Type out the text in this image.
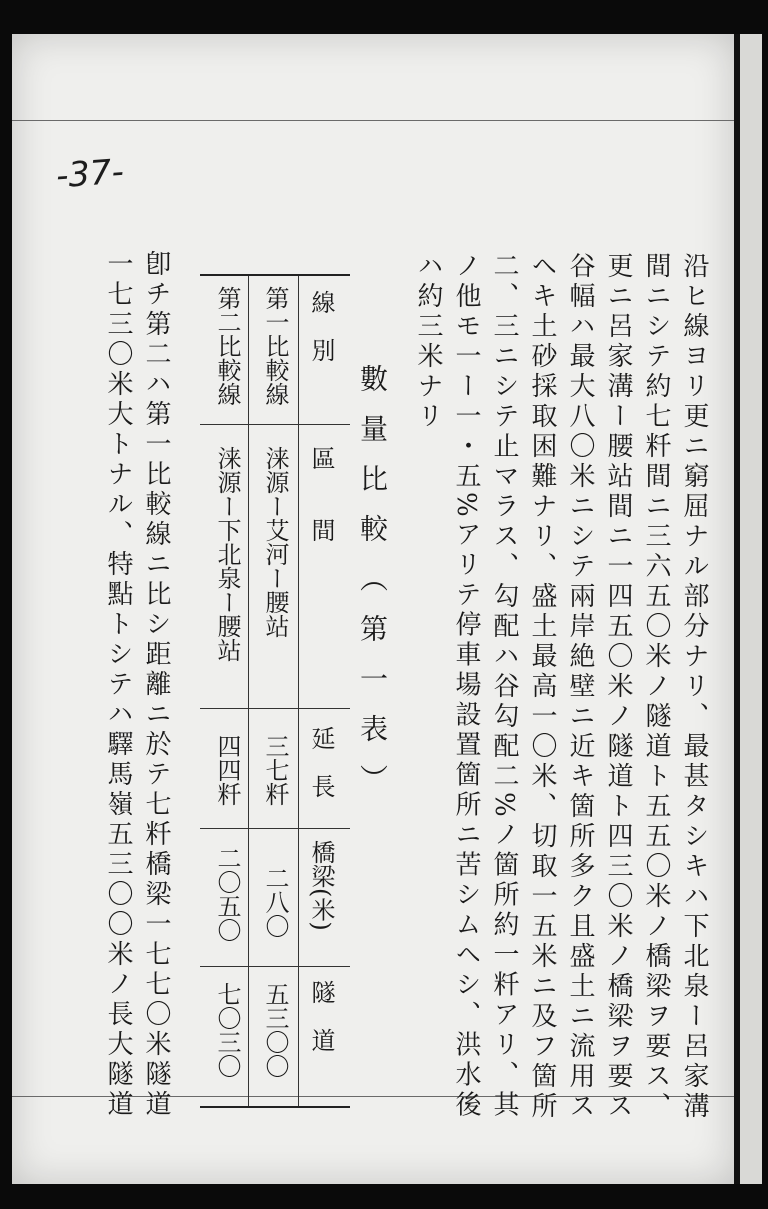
-37-
沿ヒ線ヨリ更ニ窮屈ナル部分ナリ、最甚タシキハ下北泉ー呂家溝
間ニシテ約七粁間ニ三六五〇米ノ隧道ト五五〇米ノ橋梁ヲ要ス、
更ニ呂家溝ー腰站間ニ一四五〇米ノ隧道ト四三〇米ノ橋梁ヲ要ス
谷幅ハ最大八〇米ニシテ兩岸絶壁ニ近キ箇所多ク且盛土ニ流用ス
ヘキ土砂採取困難ナリ、盛土最高一〇米、切取一五米ニ及フ箇所
二、三ニシテ止マラス、勾配ハ谷勾配二%ノ箇所約一粁アリ、其
ノ他モ一ー一・五%アリテ停車場設置箇所ニ苦シムヘシ、洪水後
ハ約三米ナリ
數量比較（第一表）
線　別
區　　間
延　長
橋梁(米)
隧　道
第一比較線
涞源ー艾河ー腰站
三七粁
二八〇
五三〇〇
第二比較線
涞源ー下北泉ー腰站
四四粁
二〇五〇
七〇三〇
卽チ第二ハ第一比較線ニ比シ距離ニ於テ七粁橋梁一七七〇米隧道
一七三〇米大トナル、特點トシテハ驛馬嶺五三〇〇米ノ長大隧道
